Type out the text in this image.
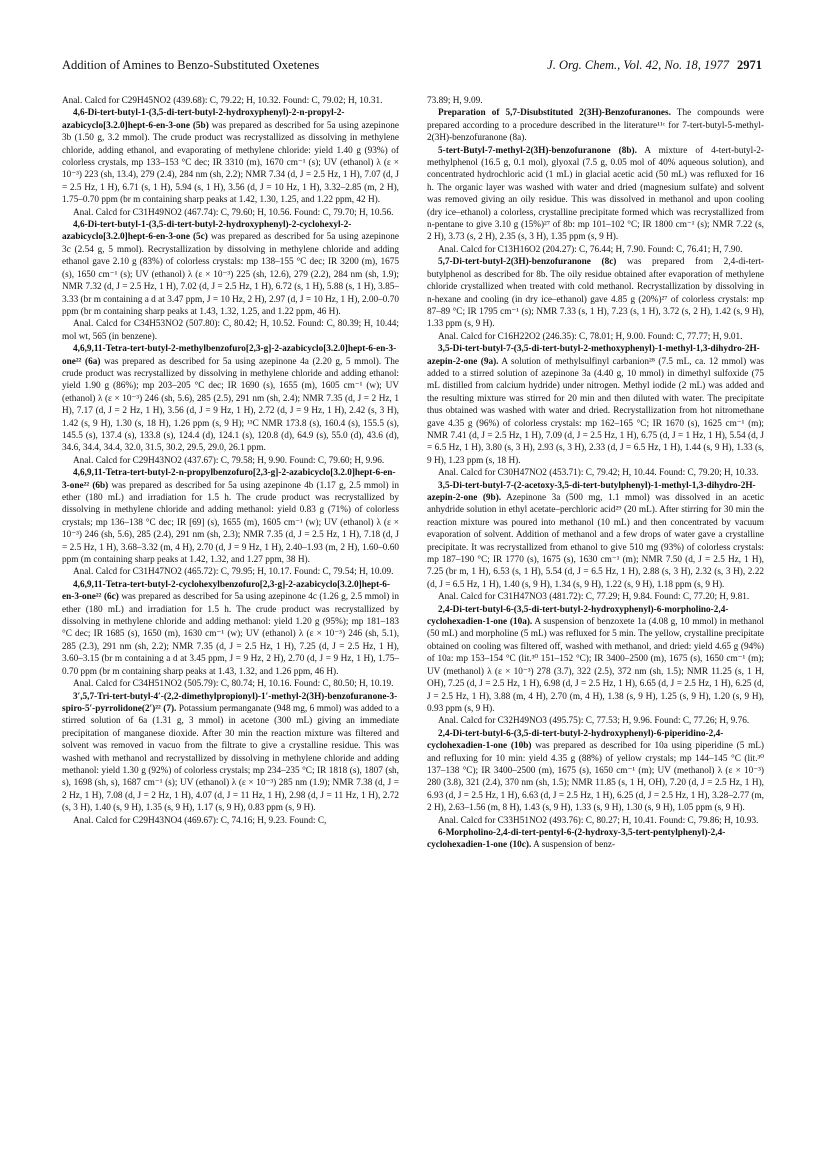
Addition of Amines to Benzo-Substituted Oxetenes	J. Org. Chem., Vol. 42, No. 18, 1977 2971

Anal. Calcd for C29H45NO2 (439.68): C, 79.22; H, 10.32. Found: C, 79.02; H, 10.31.

4,6-Di-tert-butyl-1-(3,5-di-tert-butyl-2-hydroxyphenyl)-2-n-propyl-2-azabicyclo[3.2.0]hept-6-en-3-one (5b) was prepared as described for 5a using azepinone 3b (1.50 g, 3.2 mmol). The crude product was recrystallized as dissolving in methylene chloride, adding ethanol, and evaporating of methylene chloride: yield 1.40 g (93%) of colorless crystals, mp 133–153 °C dec; IR 3310 (m), 1670 cm⁻¹ (s); UV (ethanol) λ (ε × 10⁻³) 223 (sh, 13.4), 279 (2.4), 284 nm (sh, 2.2); NMR 7.34 (d, J = 2.5 Hz, 1 H), 7.07 (d, J = 2.5 Hz, 1 H), 6.71 (s, 1 H), 5.94 (s, 1 H), 3.56 (d, J = 10 Hz, 1 H), 3.32–2.85 (m, 2 H), 1.75–0.70 ppm (br m containing sharp peaks at 1.42, 1.30, 1.25, and 1.22 ppm, 42 H).

Anal. Calcd for C31H49NO2 (467.74): C, 79.60; H, 10.56. Found: C, 79.70; H, 10.56.

4,6-Di-tert-butyl-1-(3,5-di-tert-butyl-2-hydroxyphenyl)-2-cyclohexyl-2-azabicyclo[3.2.0]hept-6-en-3-one (5c) was prepared as described for 5a using azepinone 3c (2.54 g, 5 mmol). Recrystallization by dissolving in methylene chloride and adding ethanol gave 2.10 g (83%) of colorless crystals: mp 138–155 °C dec; IR 3200 (m), 1675 (s), 1650 cm⁻¹ (s); UV (ethanol) λ (ε × 10⁻³) 225 (sh, 12.6), 279 (2.2), 284 nm (sh, 1.9); NMR 7.32 (d, J = 2.5 Hz, 1 H), 7.02 (d, J = 2.5 Hz, 1 H), 6.72 (s, 1 H), 5.88 (s, 1 H), 3.85–3.33 (br m containing a d at 3.47 ppm, J = 10 Hz, 2 H), 2.97 (d, J = 10 Hz, 1 H), 2.00–0.70 ppm (br m containing sharp peaks at 1.43, 1.32, 1.25, and 1.22 ppm, 46 H).

Anal. Calcd for C34H53NO2 (507.80): C, 80.42; H, 10.52. Found: C, 80.39; H, 10.44; mol wt, 565 (in benzene).

4,6,9,11-Tetra-tert-butyl-2-methylbenzofuro[2,3-g]-2-azabicyclo[3.2.0]hept-6-en-3-one²² (6a) was prepared as described for 5a using azepinone 4a (2.20 g, 5 mmol). The crude product was recrystallized by dissolving in methylene chloride and adding ethanol: yield 1.90 g (86%); mp 203–205 °C dec; IR 1690 (s), 1655 (m), 1605 cm⁻¹ (w); UV (ethanol) λ (ε × 10⁻³) 246 (sh, 5.6), 285 (2.5), 291 nm (sh, 2.4); NMR 7.35 (d, J = 2 Hz, 1 H), 7.17 (d, J = 2 Hz, 1 H), 3.56 (d, J = 9 Hz, 1 H), 2.72 (d, J = 9 Hz, 1 H), 2.42 (s, 3 H), 1.42 (s, 9 H), 1.30 (s, 18 H), 1.26 ppm (s, 9 H); ¹³C NMR 173.8 (s), 160.4 (s), 155.5 (s), 145.5 (s), 137.4 (s), 133.8 (s), 124.4 (d), 124.1 (s), 120.8 (d), 64.9 (s), 55.0 (d), 43.6 (d), 34.6, 34.4, 34.4, 32.0, 31.5, 30.2, 29.5, 29.0, 26.1 ppm.

Anal. Calcd for C29H43NO2 (437.67): C, 79.58; H, 9.90. Found: C, 79.60; H, 9.96.

4,6,9,11-Tetra-tert-butyl-2-n-propylbenzofuro[2,3-g]-2-azabicyclo[3.2.0]hept-6-en-3-one²² (6b) was prepared as described for 5a using azepinone 4b (1.17 g, 2.5 mmol) in ether (180 mL) and irradiation for 1.5 h. The crude product was recrystallized by dissolving in methylene chloride and adding methanol: yield 0.83 g (71%) of colorless crystals; mp 136–138 °C dec; IR [69] (s), 1655 (m), 1605 cm⁻¹ (w); UV (ethanol) λ (ε × 10⁻³) 246 (sh, 5.6), 285 (2.4), 291 nm (sh, 2.3); NMR 7.35 (d, J = 2.5 Hz, 1 H), 7.18 (d, J = 2.5 Hz, 1 H), 3.68–3.32 (m, 4 H), 2.70 (d, J = 9 Hz, 1 H), 2.40–1.93 (m, 2 H), 1.60–0.60 ppm (m containing sharp peaks at 1.42, 1.32, and 1.27 ppm, 38 H).

Anal. Calcd for C31H47NO2 (465.72): C, 79.95; H, 10.17. Found: C, 79.54; H, 10.09.

4,6,9,11-Tetra-tert-butyl-2-cyclohexylbenzofuro[2,3-g]-2-azabicyclo[3.2.0]hept-6-en-3-one²² (6c) was prepared as described for 5a using azepinone 4c (1.26 g, 2.5 mmol) in ether (180 mL) and irradiation for 1.5 h. The crude product was recrystallized by dissolving in methylene chloride and adding methanol: yield 1.20 g (95%); mp 181–183 °C dec; IR 1685 (s), 1650 (m), 1630 cm⁻¹ (w); UV (ethanol) λ (ε × 10⁻³) 246 (sh, 5.1), 285 (2.3), 291 nm (sh, 2.2); NMR 7.35 (d, J = 2.5 Hz, 1 H), 7.25 (d, J = 2.5 Hz, 1 H), 3.60–3.15 (br m containing a d at 3.45 ppm, J = 9 Hz, 2 H), 2.70 (d, J = 9 Hz, 1 H), 1.75–0.70 ppm (br m containing sharp peaks at 1.43, 1.32, and 1.26 ppm, 46 H).

Anal. Calcd for C34H51NO2 (505.79): C, 80.74; H, 10.16. Found: C, 80.50; H, 10.19.

3′,5,7-Tri-tert-butyl-4′-(2,2-dimethylpropionyl)-1′-methyl-2(3H)-benzofuranone-3-spiro-5′-pyrrolidone(2′)²² (7). Potassium permanganate (948 mg, 6 mmol) was added to a stirred solution of 6a (1.31 g, 3 mmol) in acetone (300 mL) giving an immediate precipitation of manganese dioxide. After 30 min the reaction mixture was filtered and solvent was removed in vacuo from the filtrate to give a crystalline residue. This was washed with methanol and recrystallized by dissolving in methylene chloride and adding methanol: yield 1.30 g (92%) of colorless crystals; mp 234–235 °C; IR 1818 (s), 1807 (sh, s), 1698 (sh, s), 1687 cm⁻¹ (s); UV (ethanol) λ (ε × 10⁻³) 285 nm (1.9); NMR 7.38 (d, J = 2 Hz, 1 H), 7.08 (d, J = 2 Hz, 1 H), 4.07 (d, J = 11 Hz, 1 H), 2.98 (d, J = 11 Hz, 1 H), 2.72 (s, 3 H), 1.40 (s, 9 H), 1.35 (s, 9 H), 1.17 (s, 9 H), 0.83 ppm (s, 9 H).

Anal. Calcd for C29H43NO4 (469.67): C, 74.16; H, 9.23. Found: C,

73.89; H, 9.09.

Preparation of 5,7-Disubstituted 2(3H)-Benzofuranones. The compounds were prepared according to a procedure described in the literature¹¹ᶜ for 7-tert-butyl-5-methyl-2(3H)-benzofuranone (8a).

5-tert-Butyl-7-methyl-2(3H)-benzofuranone (8b). A mixture of 4-tert-butyl-2-methylphenol (16.5 g, 0.1 mol), glyoxal (7.5 g, 0.05 mol of 40% aqueous solution), and concentrated hydrochloric acid (1 mL) in glacial acetic acid (50 mL) was refluxed for 16 h. The organic layer was washed with water and dried (magnesium sulfate) and solvent was removed giving an oily residue. This was dissolved in methanol and upon cooling (dry ice–ethanol) a colorless, crystalline precipitate formed which was recrystallized from n-pentane to give 3.10 g (15%)²⁷ of 8b: mp 101–102 °C; IR 1800 cm⁻¹ (s); NMR 7.22 (s, 2 H), 3.73 (s, 2 H), 2.35 (s, 3 H), 1.35 ppm (s, 9 H).

Anal. Calcd for C13H16O2 (204.27): C, 76.44; H, 7.90. Found: C, 76.41; H, 7.90.

5,7-Di-tert-butyl-2(3H)-benzofuranone (8c) was prepared from 2,4-di-tert-butylphenol as described for 8b. The oily residue obtained after evaporation of methylene chloride crystallized when treated with cold methanol. Recrystallization by dissolving in n-hexane and cooling (in dry ice–ethanol) gave 4.85 g (20%)²⁷ of colorless crystals: mp 87–89 °C; IR 1795 cm⁻¹ (s); NMR 7.33 (s, 1 H), 7.23 (s, 1 H), 3.72 (s, 2 H), 1.42 (s, 9 H), 1.33 ppm (s, 9 H).

Anal. Calcd for C16H22O2 (246.35): C, 78.01; H, 9.00. Found: C, 77.77; H, 9.01.

3,5-Di-tert-butyl-7-(3,5-di-tert-butyl-2-methoxyphenyl)-1-methyl-1,3-dihydro-2H-azepin-2-one (9a). A solution of methylsulfinyl carbanion²⁸ (7.5 mL, ca. 12 mmol) was added to a stirred solution of azepinone 3a (4.40 g, 10 mmol) in dimethyl sulfoxide (75 mL distilled from calcium hydride) under nitrogen. Methyl iodide (2 mL) was added and the resulting mixture was stirred for 20 min and then diluted with water. The precipitate thus obtained was washed with water and dried. Recrystallization from hot nitromethane gave 4.35 g (96%) of colorless crystals: mp 162–165 °C; IR 1670 (s), 1625 cm⁻¹ (m); NMR 7.41 (d, J = 2.5 Hz, 1 H), 7.09 (d, J = 2.5 Hz, 1 H), 6.75 (d, J = 1 Hz, 1 H), 5.54 (d, J = 6.5 Hz, 1 H), 3.80 (s, 3 H), 2.93 (s, 3 H), 2.33 (d, J = 6.5 Hz, 1 H), 1.44 (s, 9 H), 1.33 (s, 9 H), 1.23 ppm (s, 18 H).

Anal. Calcd for C30H47NO2 (453.71): C, 79.42; H, 10.44. Found: C, 79.20; H, 10.33.

3,5-Di-tert-butyl-7-(2-acetoxy-3,5-di-tert-butylphenyl)-1-methyl-1,3-dihydro-2H-azepin-2-one (9b). Azepinone 3a (500 mg, 1.1 mmol) was dissolved in an acetic anhydride solution in ethyl acetate–perchloric acid²⁹ (20 mL). After stirring for 30 min the reaction mixture was poured into methanol (10 mL) and then concentrated by vacuum evaporation of solvent. Addition of methanol and a few drops of water gave a crystalline precipitate. It was recrystallized from ethanol to give 510 mg (93%) of colorless crystals: mp 187–190 °C; IR 1770 (s), 1675 (s), 1630 cm⁻¹ (m); NMR 7.50 (d, J = 2.5 Hz, 1 H), 7.25 (br m, 1 H), 6.53 (s, 1 H), 5.54 (d, J = 6.5 Hz, 1 H), 2.88 (s, 3 H), 2.32 (s, 3 H), 2.22 (d, J = 6.5 Hz, 1 H), 1.40 (s, 9 H), 1.34 (s, 9 H), 1.22 (s, 9 H), 1.18 ppm (s, 9 H).

Anal. Calcd for C31H47NO3 (481.72): C, 77.29; H, 9.84. Found: C, 77.20; H, 9.81.

2,4-Di-tert-butyl-6-(3,5-di-tert-butyl-2-hydroxyphenyl)-6-morpholino-2,4-cyclohexadien-1-one (10a). A suspension of benzoxete 1a (4.08 g, 10 mmol) in methanol (50 mL) and morpholine (5 mL) was refluxed for 5 min. The yellow, crystalline precipitate obtained on cooling was filtered off, washed with methanol, and dried: yield 4.65 g (94%) of 10a: mp 153–154 °C (lit.³⁰ 151–152 °C); IR 3400–2500 (m), 1675 (s), 1650 cm⁻¹ (m); UV (methanol) λ (ε × 10⁻³) 278 (3.7), 322 (2.5), 372 nm (sh, 1.5); NMR 11.25 (s, 1 H, OH), 7.25 (d, J = 2.5 Hz, 1 H), 6.98 (d, J = 2.5 Hz, 1 H), 6.65 (d, J = 2.5 Hz, 1 H), 6.25 (d, J = 2.5 Hz, 1 H), 3.88 (m, 4 H), 2.70 (m, 4 H), 1.38 (s, 9 H), 1.25 (s, 9 H), 1.20 (s, 9 H), 0.93 ppm (s, 9 H).

Anal. Calcd for C32H49NO3 (495.75): C, 77.53; H, 9.96. Found: C, 77.26; H, 9.76.

2,4-Di-tert-butyl-6-(3,5-di-tert-butyl-2-hydroxyphenyl)-6-piperidino-2,4-cyclohexadien-1-one (10b) was prepared as described for 10a using piperidine (5 mL) and refluxing for 10 min: yield 4.35 g (88%) of yellow crystals; mp 144–145 °C (lit.³⁰ 137–138 °C); IR 3400–2500 (m), 1675 (s), 1650 cm⁻¹ (m); UV (methanol) λ (ε × 10⁻³) 280 (3.8), 321 (2.4), 370 nm (sh, 1.5); NMR 11.85 (s, 1 H, OH), 7.20 (d, J = 2.5 Hz, 1 H), 6.93 (d, J = 2.5 Hz, 1 H), 6.63 (d, J = 2.5 Hz, 1 H), 6.25 (d, J = 2.5 Hz, 1 H), 3.28–2.77 (m, 2 H), 2.63–1.56 (m, 8 H), 1.43 (s, 9 H), 1.33 (s, 9 H), 1.30 (s, 9 H), 1.05 ppm (s, 9 H).

Anal. Calcd for C33H51NO2 (493.76): C, 80.27; H, 10.41. Found: C, 79.86; H, 10.93.

6-Morpholino-2,4-di-tert-pentyl-6-(2-hydroxy-3,5-tert-pentylphenyl)-2,4-cyclohexadien-1-one (10c). A suspension of benz-
